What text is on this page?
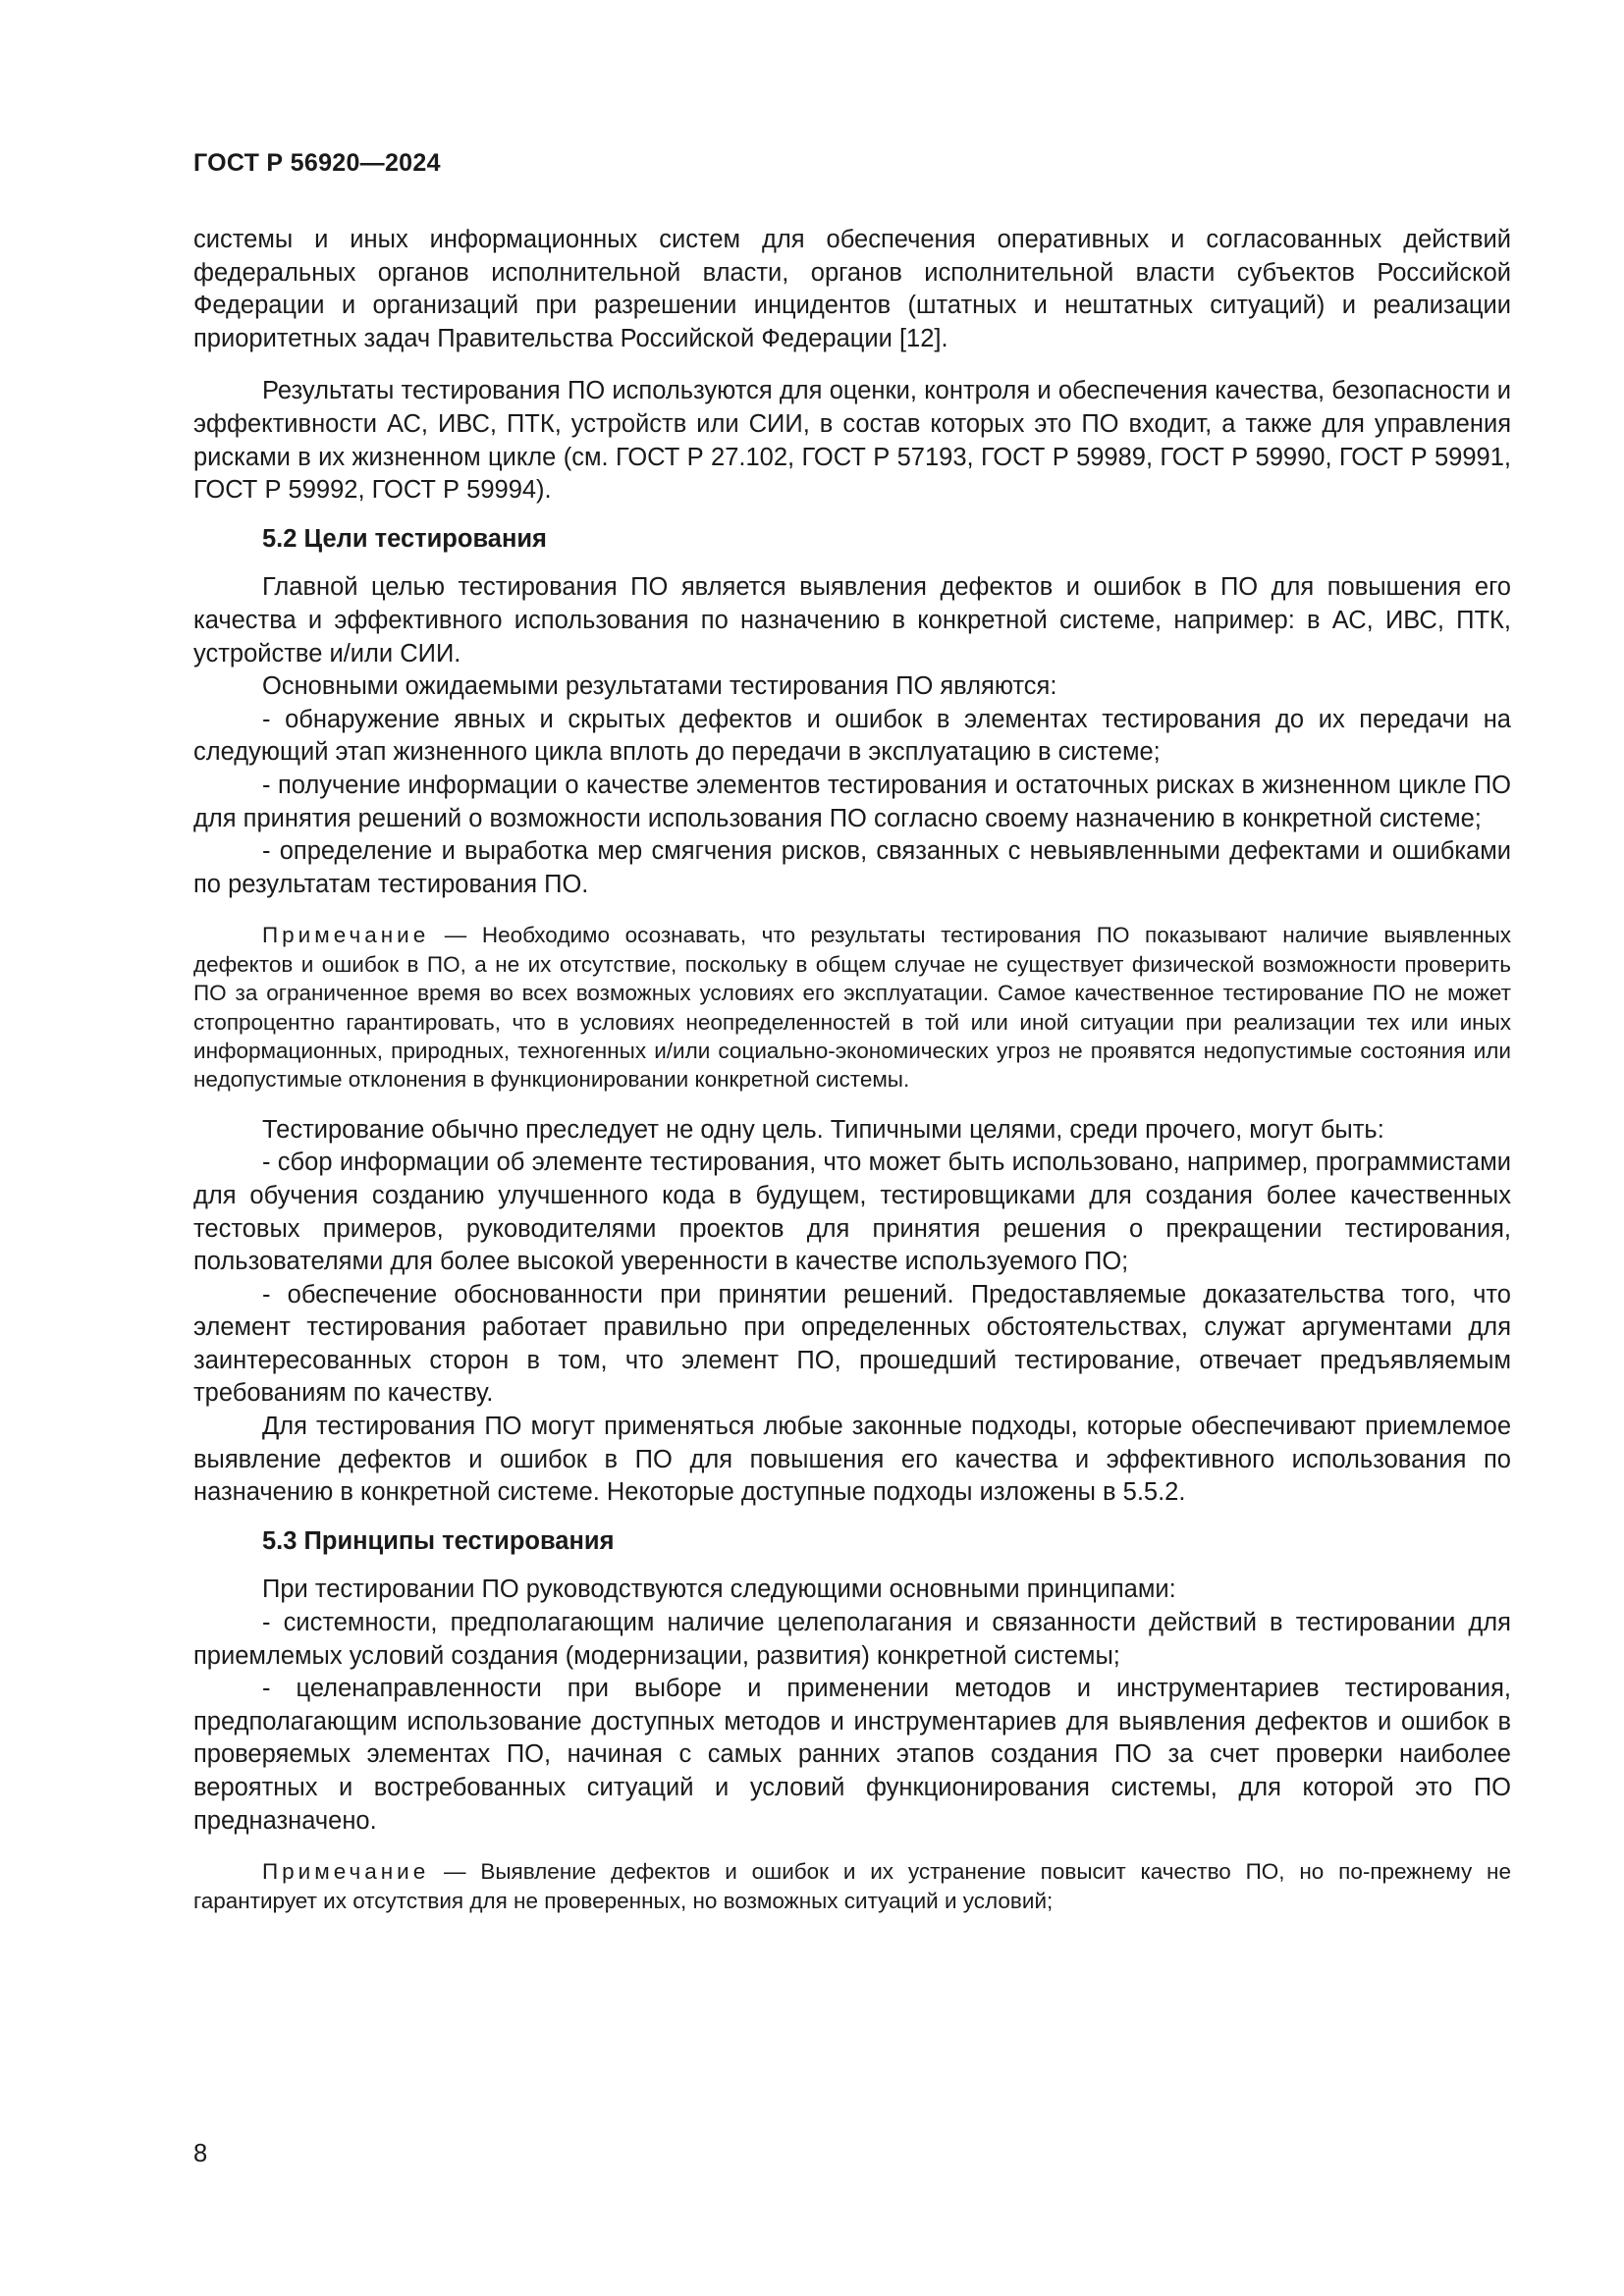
ГОСТ Р 56920—2024

системы и иных информационных систем для обеспечения оперативных и согласованных действий федеральных органов исполнительной власти, органов исполнительной власти субъектов Российской Федерации и организаций при разрешении инцидентов (штатных и нештатных ситуаций) и реализации приоритетных задач Правительства Российской Федерации [12].

Результаты тестирования ПО используются для оценки, контроля и обеспечения качества, безопасности и эффективности АС, ИВС, ПТК, устройств или СИИ, в состав которых это ПО входит, а также для управления рисками в их жизненном цикле (см. ГОСТ Р 27.102, ГОСТ Р 57193, ГОСТ Р 59989, ГОСТ Р 59990, ГОСТ Р 59991, ГОСТ Р 59992, ГОСТ Р 59994).

5.2 Цели тестирования

Главной целью тестирования ПО является выявления дефектов и ошибок в ПО для повышения его качества и эффективного использования по назначению в конкретной системе, например: в АС, ИВС, ПТК, устройстве и/или СИИ.

Основными ожидаемыми результатами тестирования ПО являются:

- обнаружение явных и скрытых дефектов и ошибок в элементах тестирования до их передачи на следующий этап жизненного цикла вплоть до передачи в эксплуатацию в системе;

- получение информации о качестве элементов тестирования и остаточных рисках в жизненном цикле ПО для принятия решений о возможности использования ПО согласно своему назначению в конкретной системе;

- определение и выработка мер смягчения рисков, связанных с невыявленными дефектами и ошибками по результатам тестирования ПО.

Примечание — Необходимо осознавать, что результаты тестирования ПО показывают наличие выявленных дефектов и ошибок в ПО, а не их отсутствие, поскольку в общем случае не существует физической возможности проверить ПО за ограниченное время во всех возможных условиях его эксплуатации. Самое качественное тестирование ПО не может стопроцентно гарантировать, что в условиях неопределенностей в той или иной ситуации при реализации тех или иных информационных, природных, техногенных и/или социально-экономических угроз не проявятся недопустимые состояния или недопустимые отклонения в функционировании конкретной системы.

Тестирование обычно преследует не одну цель. Типичными целями, среди прочего, могут быть:

- сбор информации об элементе тестирования, что может быть использовано, например, программистами для обучения созданию улучшенного кода в будущем, тестировщиками для создания более качественных тестовых примеров, руководителями проектов для принятия решения о прекращении тестирования, пользователями для более высокой уверенности в качестве используемого ПО;

- обеспечение обоснованности при принятии решений. Предоставляемые доказательства того, что элемент тестирования работает правильно при определенных обстоятельствах, служат аргументами для заинтересованных сторон в том, что элемент ПО, прошедший тестирование, отвечает предъявляемым требованиям по качеству.

Для тестирования ПО могут применяться любые законные подходы, которые обеспечивают приемлемое выявление дефектов и ошибок в ПО для повышения его качества и эффективного использования по назначению в конкретной системе. Некоторые доступные подходы изложены в 5.5.2.

5.3 Принципы тестирования

При тестировании ПО руководствуются следующими основными принципами:

- системности, предполагающим наличие целеполагания и связанности действий в тестировании для приемлемых условий создания (модернизации, развития) конкретной системы;

- целенаправленности при выборе и применении методов и инструментариев тестирования, предполагающим использование доступных методов и инструментариев для выявления дефектов и ошибок в проверяемых элементах ПО, начиная с самых ранних этапов создания ПО за счет проверки наиболее вероятных и востребованных ситуаций и условий функционирования системы, для которой это ПО предназначено.

Примечание — Выявление дефектов и ошибок и их устранение повысит качество ПО, но по-прежнему не гарантирует их отсутствия для не проверенных, но возможных ситуаций и условий;

8
